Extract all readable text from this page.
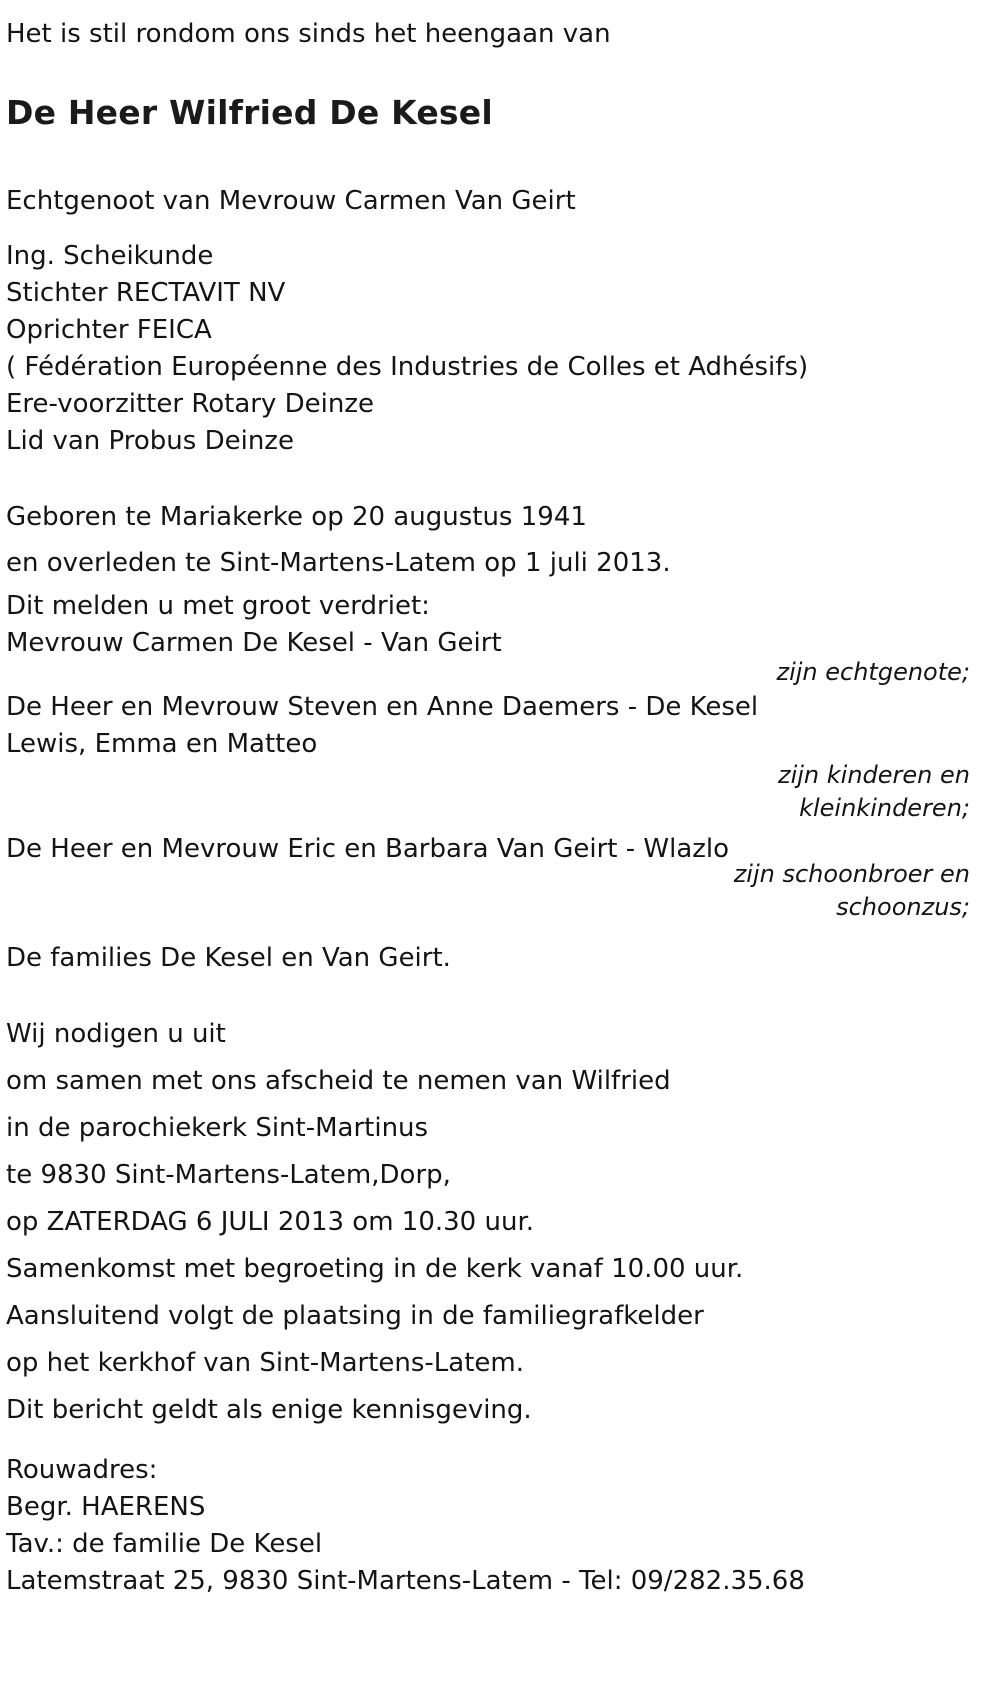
Het is stil rondom ons sinds het heengaan van
De Heer Wilfried De Kesel
Echtgenoot van Mevrouw Carmen Van Geirt
Ing. Scheikunde
Stichter RECTAVIT NV
Oprichter FEICA
( Fédération Européenne des Industries de Colles et Adhésifs)
Ere-voorzitter Rotary Deinze
Lid van Probus Deinze
Geboren te Mariakerke op 20 augustus 1941
en overleden te Sint-Martens-Latem op 1 juli 2013.
Dit melden u met groot verdriet:
Mevrouw Carmen De Kesel - Van Geirt
zijn echtgenote;
De Heer en Mevrouw Steven en Anne Daemers - De Kesel
Lewis, Emma en Matteo
zijn kinderen en
kleinkinderen;
De Heer en Mevrouw Eric en Barbara Van Geirt - Wlazlo
zijn schoonbroer en
schoonzus;
De families De Kesel en Van Geirt.
Wij nodigen u uit
om samen met ons afscheid te nemen van Wilfried
in de parochiekerk Sint-Martinus
te 9830 Sint-Martens-Latem,Dorp,
op ZATERDAG 6 JULI 2013 om 10.30 uur.
Samenkomst met begroeting in de kerk vanaf 10.00 uur.
Aansluitend volgt de plaatsing in de familiegrafkelder
op het kerkhof van Sint-Martens-Latem.
Dit bericht geldt als enige kennisgeving.
Rouwadres:
Begr. HAERENS
Tav.: de familie De Kesel
Latemstraat 25, 9830 Sint-Martens-Latem - Tel: 09/282.35.68
